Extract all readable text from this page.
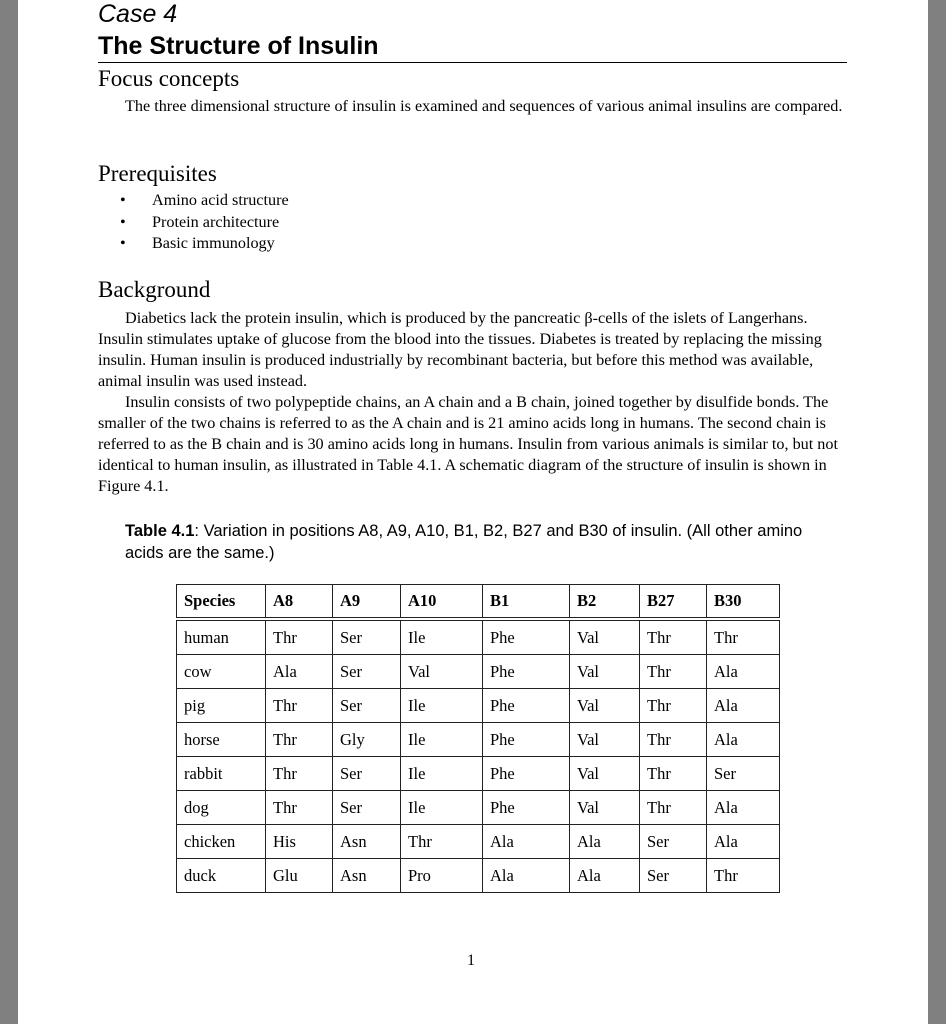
Case 4
The Structure of Insulin
Focus concepts
The three dimensional structure of insulin is examined and sequences of various animal insulins are compared.
Prerequisites
• Amino acid structure
• Protein architecture
• Basic immunology
Background
Diabetics lack the protein insulin, which is produced by the pancreatic β-cells of the islets of Langerhans. Insulin stimulates uptake of glucose from the blood into the tissues. Diabetes is treated by replacing the missing insulin. Human insulin is produced industrially by recombinant bacteria, but before this method was available, animal insulin was used instead.
Insulin consists of two polypeptide chains, an A chain and a B chain, joined together by disulfide bonds. The smaller of the two chains is referred to as the A chain and is 21 amino acids long in humans. The second chain is referred to as the B chain and is 30 amino acids long in humans. Insulin from various animals is similar to, but not identical to human insulin, as illustrated in Table 4.1. A schematic diagram of the structure of insulin is shown in Figure 4.1.
Table 4.1: Variation in positions A8, A9, A10, B1, B2, B27 and B30 of insulin. (All other amino acids are the same.)
Species	A8	A9	A10	B1	B2	B27	B30
human	Thr	Ser	Ile	Phe	Val	Thr	Thr
cow	Ala	Ser	Val	Phe	Val	Thr	Ala
pig	Thr	Ser	Ile	Phe	Val	Thr	Ala
horse	Thr	Gly	Ile	Phe	Val	Thr	Ala
rabbit	Thr	Ser	Ile	Phe	Val	Thr	Ser
dog	Thr	Ser	Ile	Phe	Val	Thr	Ala
chicken	His	Asn	Thr	Ala	Ala	Ser	Ala
duck	Glu	Asn	Pro	Ala	Ala	Ser	Thr
1
